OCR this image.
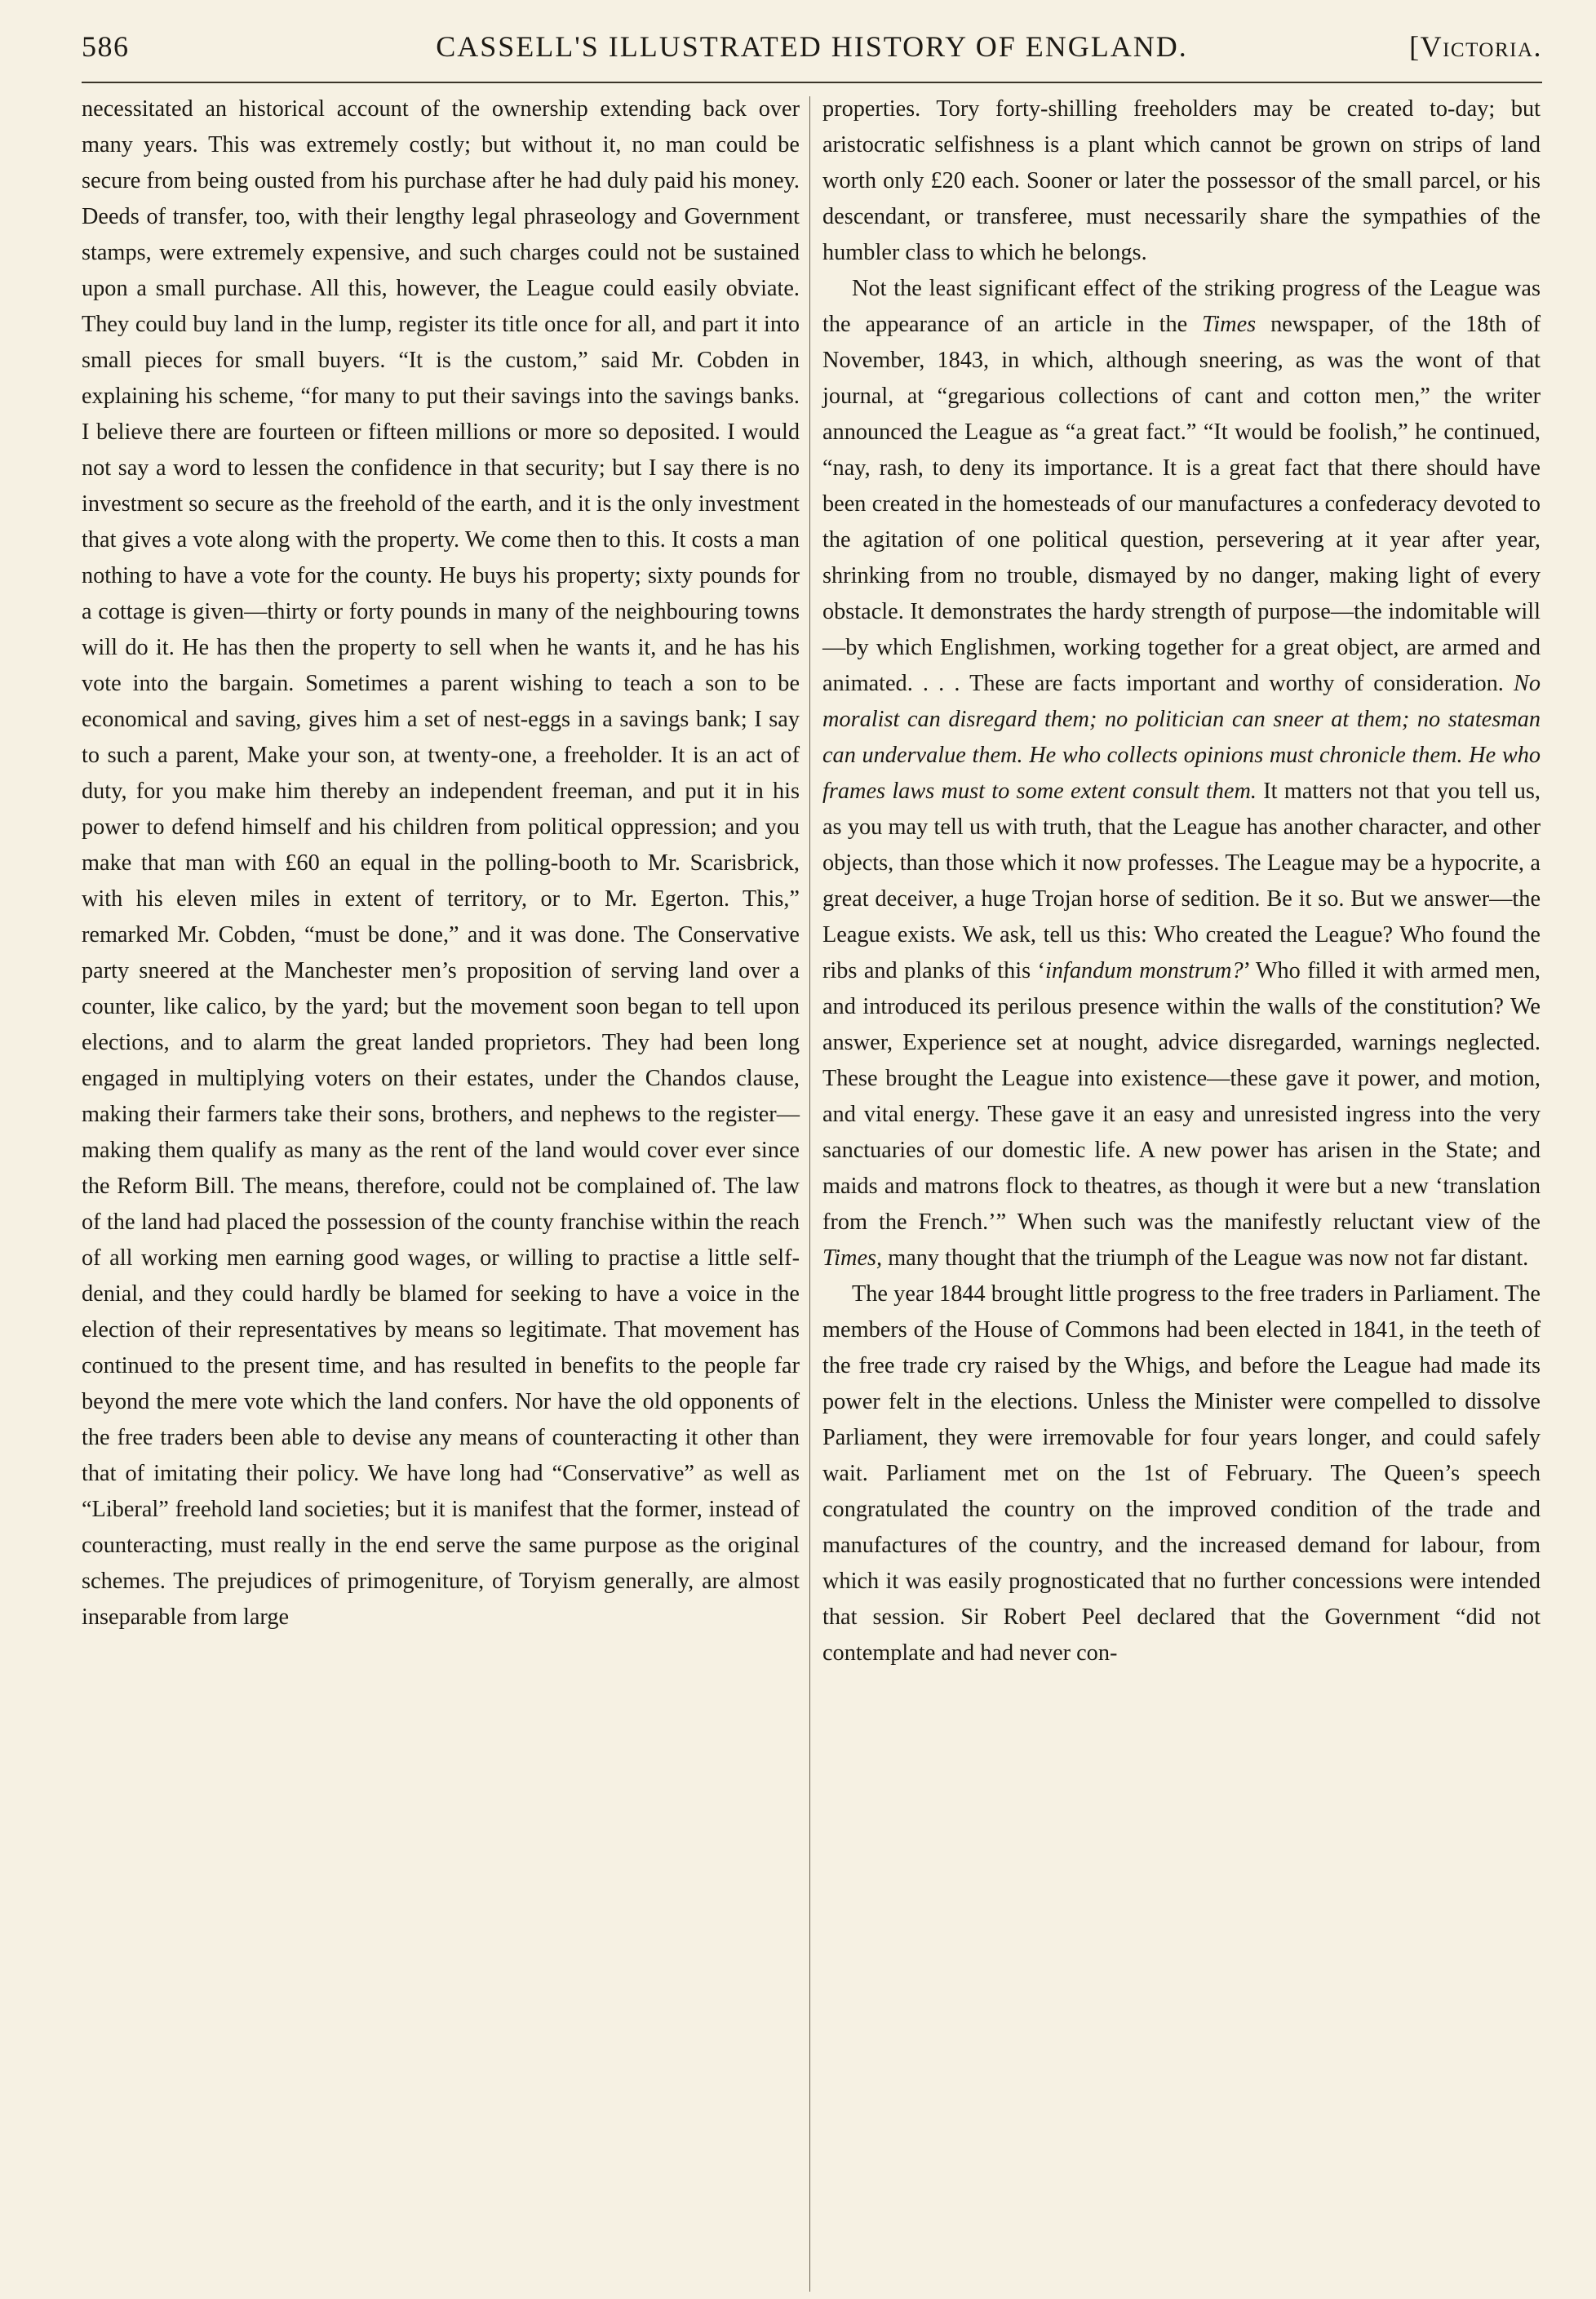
586	CASSELL'S ILLUSTRATED HISTORY OF ENGLAND.	[Victoria.

necessitated an historical account of the ownership extending back over many years. This was extremely costly; but without it, no man could be secure from being ousted from his purchase after he had duly paid his money. Deeds of transfer, too, with their lengthy legal phraseology and Government stamps, were extremely expensive, and such charges could not be sustained upon a small purchase. All this, however, the League could easily obviate. They could buy land in the lump, register its title once for all, and part it into small pieces for small buyers. “It is the custom,” said Mr. Cobden in explaining his scheme, “for many to put their savings into the savings banks. I believe there are fourteen or fifteen millions or more so deposited. I would not say a word to lessen the confidence in that security; but I say there is no investment so secure as the freehold of the earth, and it is the only investment that gives a vote along with the property. We come then to this. It costs a man nothing to have a vote for the county. He buys his property; sixty pounds for a cottage is given—thirty or forty pounds in many of the neighbouring towns will do it. He has then the property to sell when he wants it, and he has his vote into the bargain. Sometimes a parent wishing to teach a son to be economical and saving, gives him a set of nest-eggs in a savings bank; I say to such a parent, Make your son, at twenty-one, a freeholder. It is an act of duty, for you make him thereby an independent freeman, and put it in his power to defend himself and his children from political oppression; and you make that man with £60 an equal in the polling-booth to Mr. Scarisbrick, with his eleven miles in extent of territory, or to Mr. Egerton. This,” remarked Mr. Cobden, “must be done,” and it was done. The Conservative party sneered at the Manchester men’s proposition of serving land over a counter, like calico, by the yard; but the movement soon began to tell upon elections, and to alarm the great landed proprietors. They had been long engaged in multiplying voters on their estates, under the Chandos clause, making their farmers take their sons, brothers, and nephews to the register—making them qualify as many as the rent of the land would cover ever since the Reform Bill. The means, therefore, could not be complained of. The law of the land had placed the possession of the county franchise within the reach of all working men earning good wages, or willing to practise a little self-denial, and they could hardly be blamed for seeking to have a voice in the election of their representatives by means so legitimate. That movement has continued to the present time, and has resulted in benefits to the people far beyond the mere vote which the land confers. Nor have the old opponents of the free traders been able to devise any means of counteracting it other than that of imitating their policy. We have long had “Conservative” as well as “Liberal” freehold land societies; but it is manifest that the former, instead of counteracting, must really in the end serve the same purpose as the original schemes. The prejudices of primogeniture, of Toryism generally, are almost inseparable from large

properties. Tory forty-shilling freeholders may be created to-day; but aristocratic selfishness is a plant which cannot be grown on strips of land worth only £20 each. Sooner or later the possessor of the small parcel, or his descendant, or transferee, must necessarily share the sympathies of the humbler class to which he belongs.

Not the least significant effect of the striking progress of the League was the appearance of an article in the Times newspaper, of the 18th of November, 1843, in which, although sneering, as was the wont of that journal, at “gregarious collections of cant and cotton men,” the writer announced the League as “a great fact.” “It would be foolish,” he continued, “nay, rash, to deny its importance. It is a great fact that there should have been created in the homesteads of our manufactures a confederacy devoted to the agitation of one political question, persevering at it year after year, shrinking from no trouble, dismayed by no danger, making light of every obstacle. It demonstrates the hardy strength of purpose—the indomitable will—by which Englishmen, working together for a great object, are armed and animated. . . . These are facts important and worthy of consideration. No moralist can disregard them; no politician can sneer at them; no statesman can undervalue them. He who collects opinions must chronicle them. He who frames laws must to some extent consult them. It matters not that you tell us, as you may tell us with truth, that the League has another character, and other objects, than those which it now professes. The League may be a hypocrite, a great deceiver, a huge Trojan horse of sedition. Be it so. But we answer—the League exists. We ask, tell us this: Who created the League? Who found the ribs and planks of this ‘infandum monstrum?’ Who filled it with armed men, and introduced its perilous presence within the walls of the constitution? We answer, Experience set at nought, advice disregarded, warnings neglected. These brought the League into existence—these gave it power, and motion, and vital energy. These gave it an easy and unresisted ingress into the very sanctuaries of our domestic life. A new power has arisen in the State; and maids and matrons flock to theatres, as though it were but a new ‘translation from the French.’” When such was the manifestly reluctant view of the Times, many thought that the triumph of the League was now not far distant.

The year 1844 brought little progress to the free traders in Parliament. The members of the House of Commons had been elected in 1841, in the teeth of the free trade cry raised by the Whigs, and before the League had made its power felt in the elections. Unless the Minister were compelled to dissolve Parliament, they were irremovable for four years longer, and could safely wait. Parliament met on the 1st of February. The Queen’s speech congratulated the country on the improved condition of the trade and manufactures of the country, and the increased demand for labour, from which it was easily prognosticated that no further concessions were intended that session. Sir Robert Peel declared that the Government “did not contemplate and had never con-
